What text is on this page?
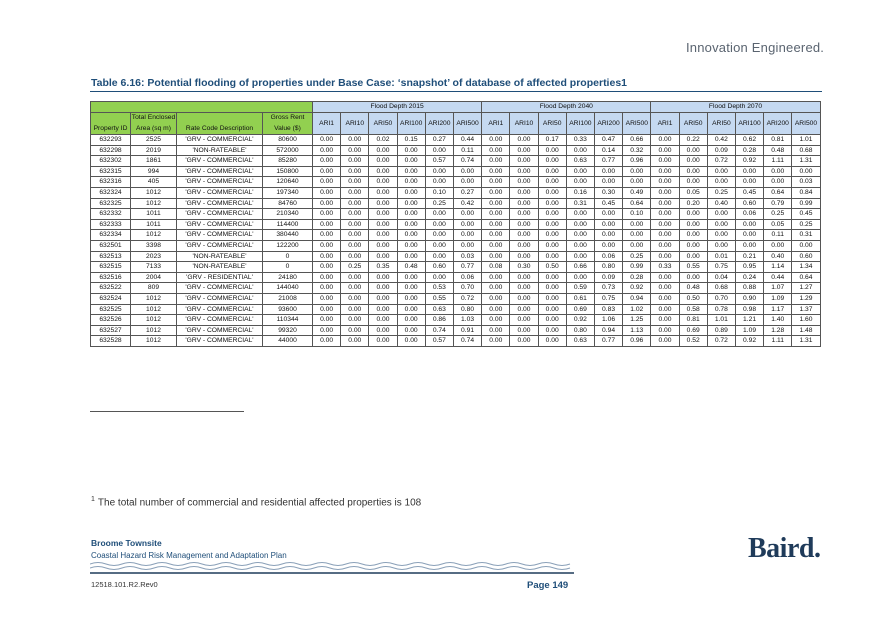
Innovation Engineered.
Table 6.16: Potential flooding of properties under Base Case: ‘snapshot’ of database of affected properties1
				Flood Depth 2015						Flood Depth 2040						Flood Depth 2070					
Property ID	Total Enclosed Area (sq m)	Rate Code Description	Gross Rent Value ($)	ARI1	ARI10	ARI50	ARI100	ARI200	ARI500	ARI1	ARI10	ARI50	ARI100	ARI200	ARI500	ARI1	ARI50	ARI50	ARI100	ARI200	ARI500
632293	2525	'GRV - COMMERCIAL'	80600	0.00	0.00	0.02	0.15	0.27	0.44	0.00	0.00	0.17	0.33	0.47	0.66	0.00	0.22	0.42	0.62	0.81	1.01
632298	2019	'NON-RATEABLE'	572000	0.00	0.00	0.00	0.00	0.00	0.11	0.00	0.00	0.00	0.00	0.14	0.32	0.00	0.00	0.09	0.28	0.48	0.68
632302	1861	'GRV - COMMERCIAL'	85280	0.00	0.00	0.00	0.00	0.57	0.74	0.00	0.00	0.00	0.63	0.77	0.96	0.00	0.00	0.72	0.92	1.11	1.31
632315	994	'GRV - COMMERCIAL'	150800	0.00	0.00	0.00	0.00	0.00	0.00	0.00	0.00	0.00	0.00	0.00	0.00	0.00	0.00	0.00	0.00	0.00	0.00
632316	405	'GRV - COMMERCIAL'	120640	0.00	0.00	0.00	0.00	0.00	0.00	0.00	0.00	0.00	0.00	0.00	0.00	0.00	0.00	0.00	0.00	0.00	0.03
632324	1012	'GRV - COMMERCIAL'	197340	0.00	0.00	0.00	0.00	0.10	0.27	0.00	0.00	0.00	0.16	0.30	0.49	0.00	0.05	0.25	0.45	0.64	0.84
632325	1012	'GRV - COMMERCIAL'	84760	0.00	0.00	0.00	0.00	0.25	0.42	0.00	0.00	0.00	0.31	0.45	0.64	0.00	0.20	0.40	0.60	0.79	0.99
632332	1011	'GRV - COMMERCIAL'	210340	0.00	0.00	0.00	0.00	0.00	0.00	0.00	0.00	0.00	0.00	0.00	0.10	0.00	0.00	0.00	0.06	0.25	0.45
632333	1011	'GRV - COMMERCIAL'	114400	0.00	0.00	0.00	0.00	0.00	0.00	0.00	0.00	0.00	0.00	0.00	0.00	0.00	0.00	0.00	0.00	0.05	0.25
632334	1012	'GRV - COMMERCIAL'	380440	0.00	0.00	0.00	0.00	0.00	0.00	0.00	0.00	0.00	0.00	0.00	0.00	0.00	0.00	0.00	0.00	0.11	0.31
632501	3398	'GRV - COMMERCIAL'	122200	0.00	0.00	0.00	0.00	0.00	0.00	0.00	0.00	0.00	0.00	0.00	0.00	0.00	0.00	0.00	0.00	0.00	0.00
632513	2023	'NON-RATEABLE'	0	0.00	0.00	0.00	0.00	0.00	0.03	0.00	0.00	0.00	0.00	0.06	0.25	0.00	0.00	0.01	0.21	0.40	0.60
632515	7133	'NON-RATEABLE'	0	0.00	0.25	0.35	0.48	0.60	0.77	0.08	0.30	0.50	0.66	0.80	0.99	0.33	0.55	0.75	0.95	1.14	1.34
632516	2004	'GRV - RESIDENTIAL'	24180	0.00	0.00	0.00	0.00	0.00	0.06	0.00	0.00	0.00	0.00	0.09	0.28	0.00	0.00	0.04	0.24	0.44	0.64
632522	809	'GRV - COMMERCIAL'	144040	0.00	0.00	0.00	0.00	0.53	0.70	0.00	0.00	0.00	0.59	0.73	0.92	0.00	0.48	0.68	0.88	1.07	1.27
632524	1012	'GRV - COMMERCIAL'	21008	0.00	0.00	0.00	0.00	0.55	0.72	0.00	0.00	0.00	0.61	0.75	0.94	0.00	0.50	0.70	0.90	1.09	1.29
632525	1012	'GRV - COMMERCIAL'	93600	0.00	0.00	0.00	0.00	0.63	0.80	0.00	0.00	0.00	0.69	0.83	1.02	0.00	0.58	0.78	0.98	1.17	1.37
632526	1012	'GRV - COMMERCIAL'	110344	0.00	0.00	0.00	0.00	0.86	1.03	0.00	0.00	0.00	0.92	1.06	1.25	0.00	0.81	1.01	1.21	1.40	1.60
632527	1012	'GRV - COMMERCIAL'	99320	0.00	0.00	0.00	0.00	0.74	0.91	0.00	0.00	0.00	0.80	0.94	1.13	0.00	0.69	0.89	1.09	1.28	1.48
632528	1012	'GRV - COMMERCIAL'	44000	0.00	0.00	0.00	0.00	0.57	0.74	0.00	0.00	0.00	0.63	0.77	0.96	0.00	0.52	0.72	0.92	1.11	1.31
$^1$ The total number of commercial and residential affected properties is 108
Broome Townsite
Coastal Hazard Risk Management and Adaptation Plan
12518.101.R2.Rev0	Page 149
Baird.
